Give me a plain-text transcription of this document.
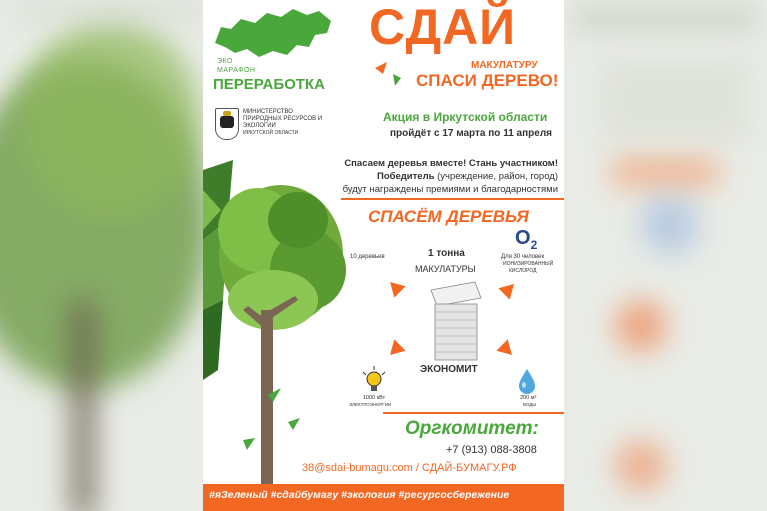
ЭКО
МАРАФОН
ПЕРЕРАБОТКА
СДАЙ
МАКУЛАТУРУ
СПАСИ ДЕРЕВО!
МИНИСТЕРСТВО
ПРИРОДНЫХ РЕСУРСОВ И
ЭКОЛОГИИ
ИРКУТСКОЙ ОБЛАСТИ
Акция в Иркутской области
пройдёт с 17 марта по 11 апреля
Спасаем деревья вместе! Стань участником!
Победитель (учреждение, район, город)
будут награждены премиями и благодарностями
СПАСЁМ ДЕРЕВЬЯ
10 деревьев	1 тонна
МАКУЛАТУРЫ
$O_2$
Для 30 человек
ИОНИЗИРОВАННЫЙ
КИСЛОРОД
ЭКОНОМИТ
1000 кВт
ЭЛЕКТРОЭНЕРГИИ
200 м³
ВОДЫ
Оргкомитет:
+7 (913) 088-3808
38@sdai-bumagu.com / СДАЙ-БУМАГУ.РФ
#яЗеленый #сдайбумагу #экология #ресурсосбережение
